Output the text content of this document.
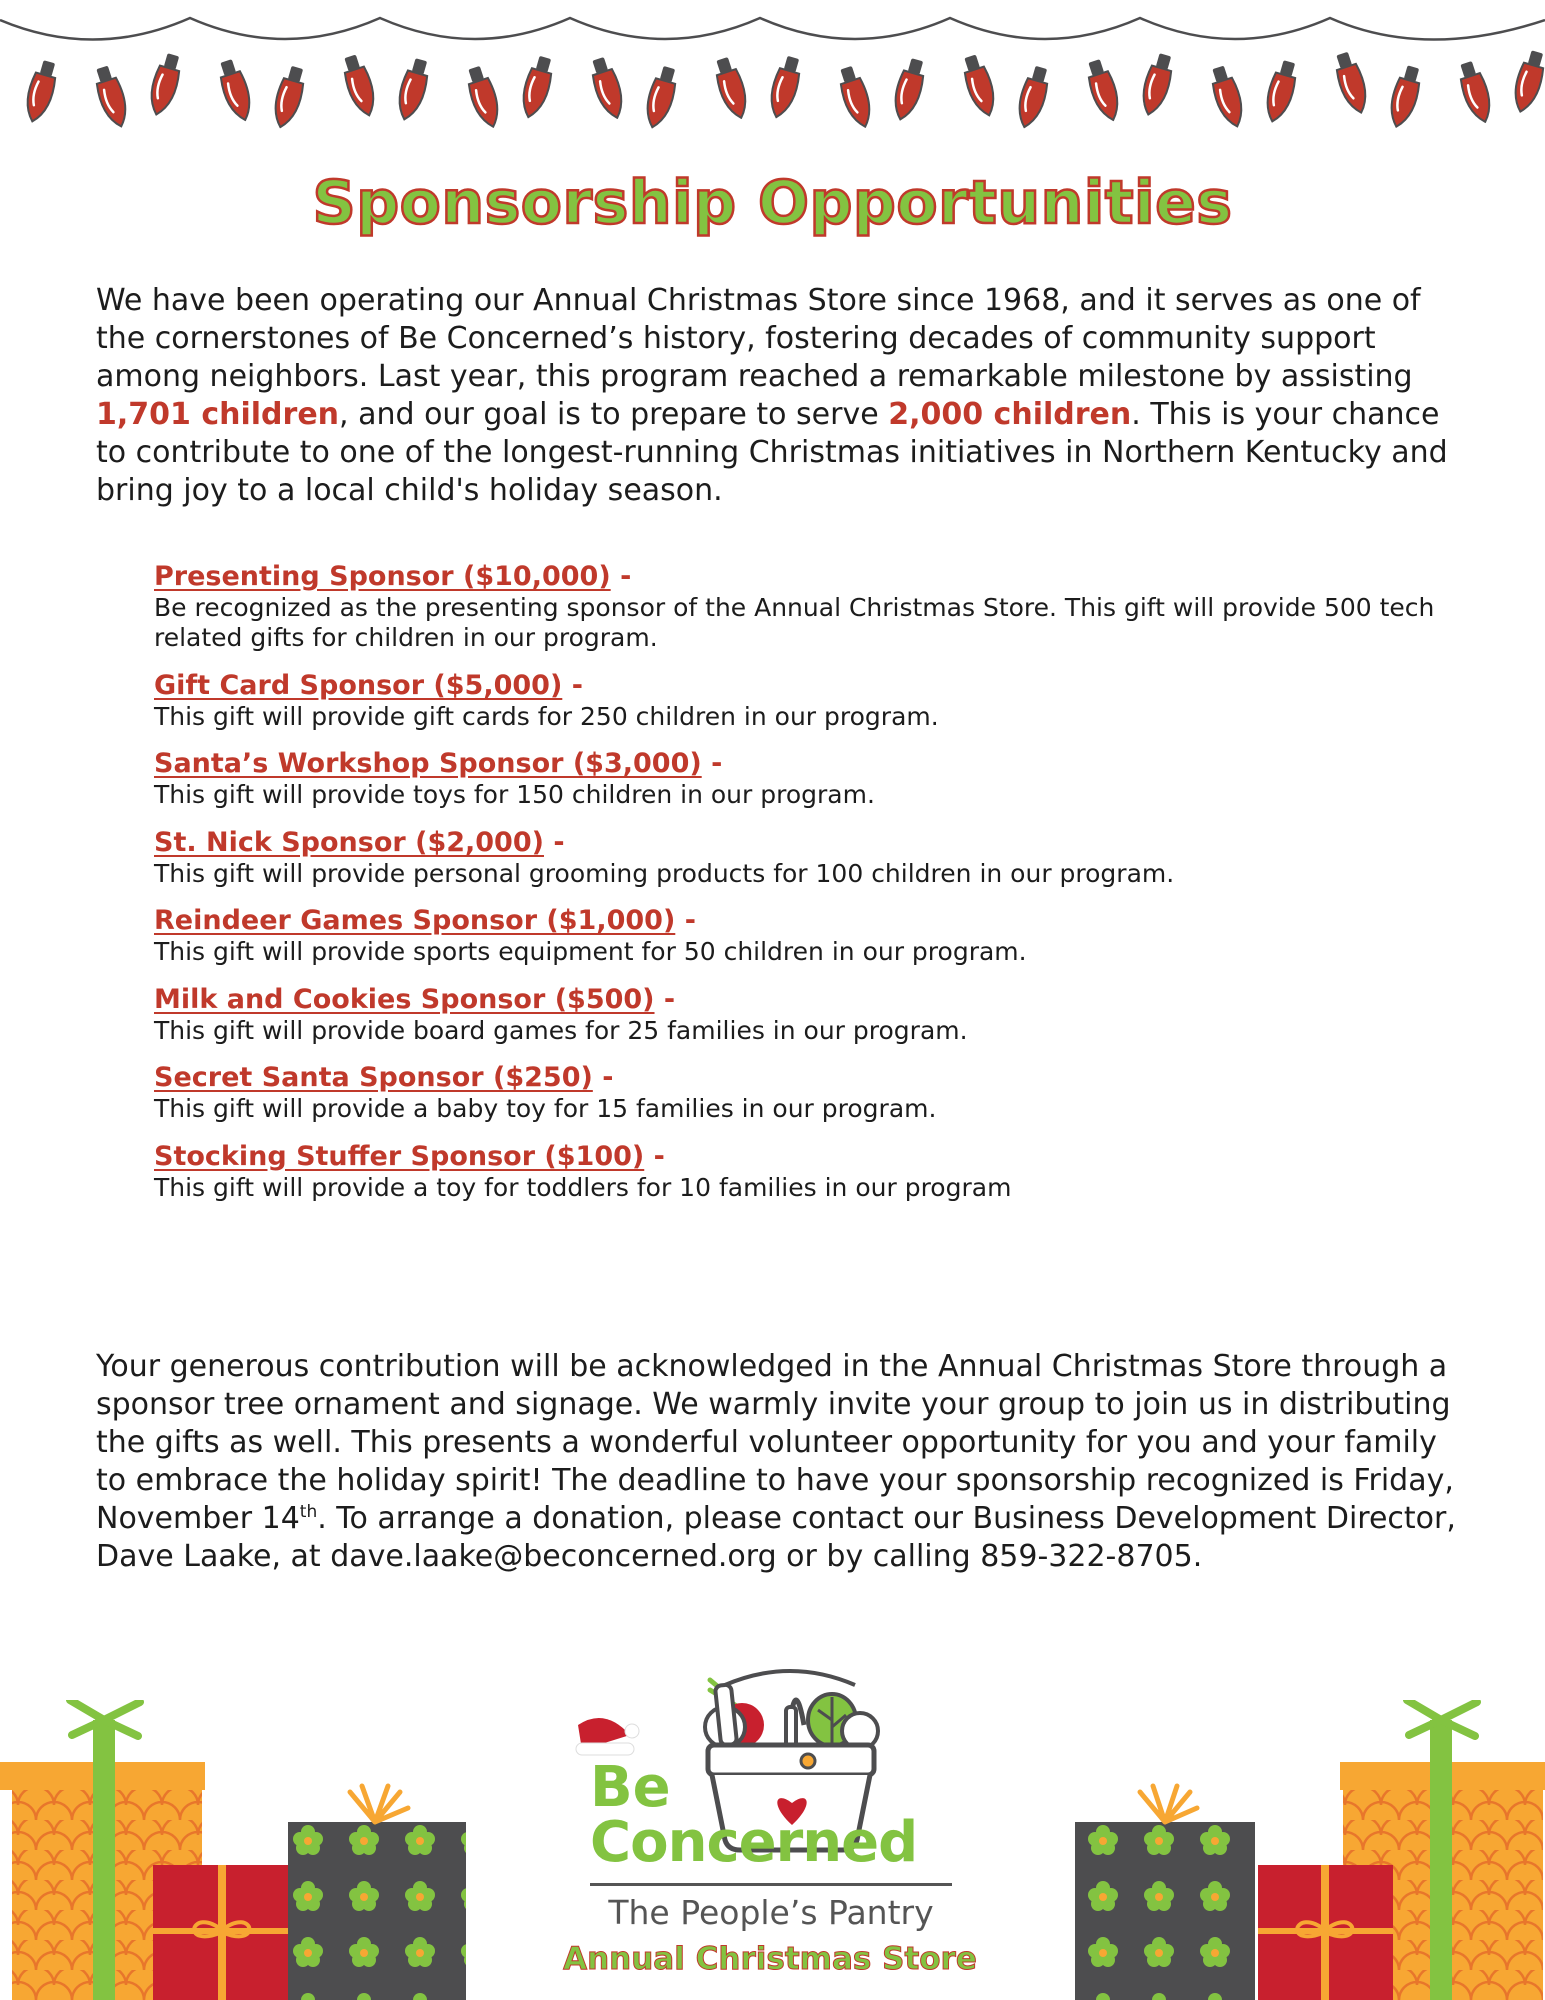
Sponsorship Opportunities

We have been operating our Annual Christmas Store since 1968, and it serves as one of the cornerstones of Be Concerned’s history, fostering decades of community support among neighbors. Last year, this program reached a remarkable milestone by assisting 1,701 children, and our goal is to prepare to serve 2,000 children. This is your chance to contribute to one of the longest-running Christmas initiatives in Northern Kentucky and bring joy to a local child's holiday season.

Presenting Sponsor ($10,000) -
Be recognized as the presenting sponsor of the Annual Christmas Store. This gift will provide 500 tech related gifts for children in our program.
Gift Card Sponsor ($5,000) -
This gift will provide gift cards for 250 children in our program.
Santa’s Workshop Sponsor ($3,000) -
This gift will provide toys for 150 children in our program.
St. Nick Sponsor ($2,000) -
This gift will provide personal grooming products for 100 children in our program.
Reindeer Games Sponsor ($1,000) -
This gift will provide sports equipment for 50 children in our program.
Milk and Cookies Sponsor ($500) -
This gift will provide board games for 25 families in our program.
Secret Santa Sponsor ($250) -
This gift will provide a baby toy for 15 families in our program.
Stocking Stuffer Sponsor ($100) -
This gift will provide a toy for toddlers for 10 families in our program

Your generous contribution will be acknowledged in the Annual Christmas Store through a sponsor tree ornament and signage. We warmly invite your group to join us in distributing the gifts as well. This presents a wonderful volunteer opportunity for you and your family to embrace the holiday spirit! The deadline to have your sponsorship recognized is Friday, November 14th. To arrange a donation, please contact our Business Development Director, Dave Laake, at dave.laake@beconcerned.org or by calling 859-322-8705.

Be
Concerned
The People’s Pantry
Annual Christmas Store
